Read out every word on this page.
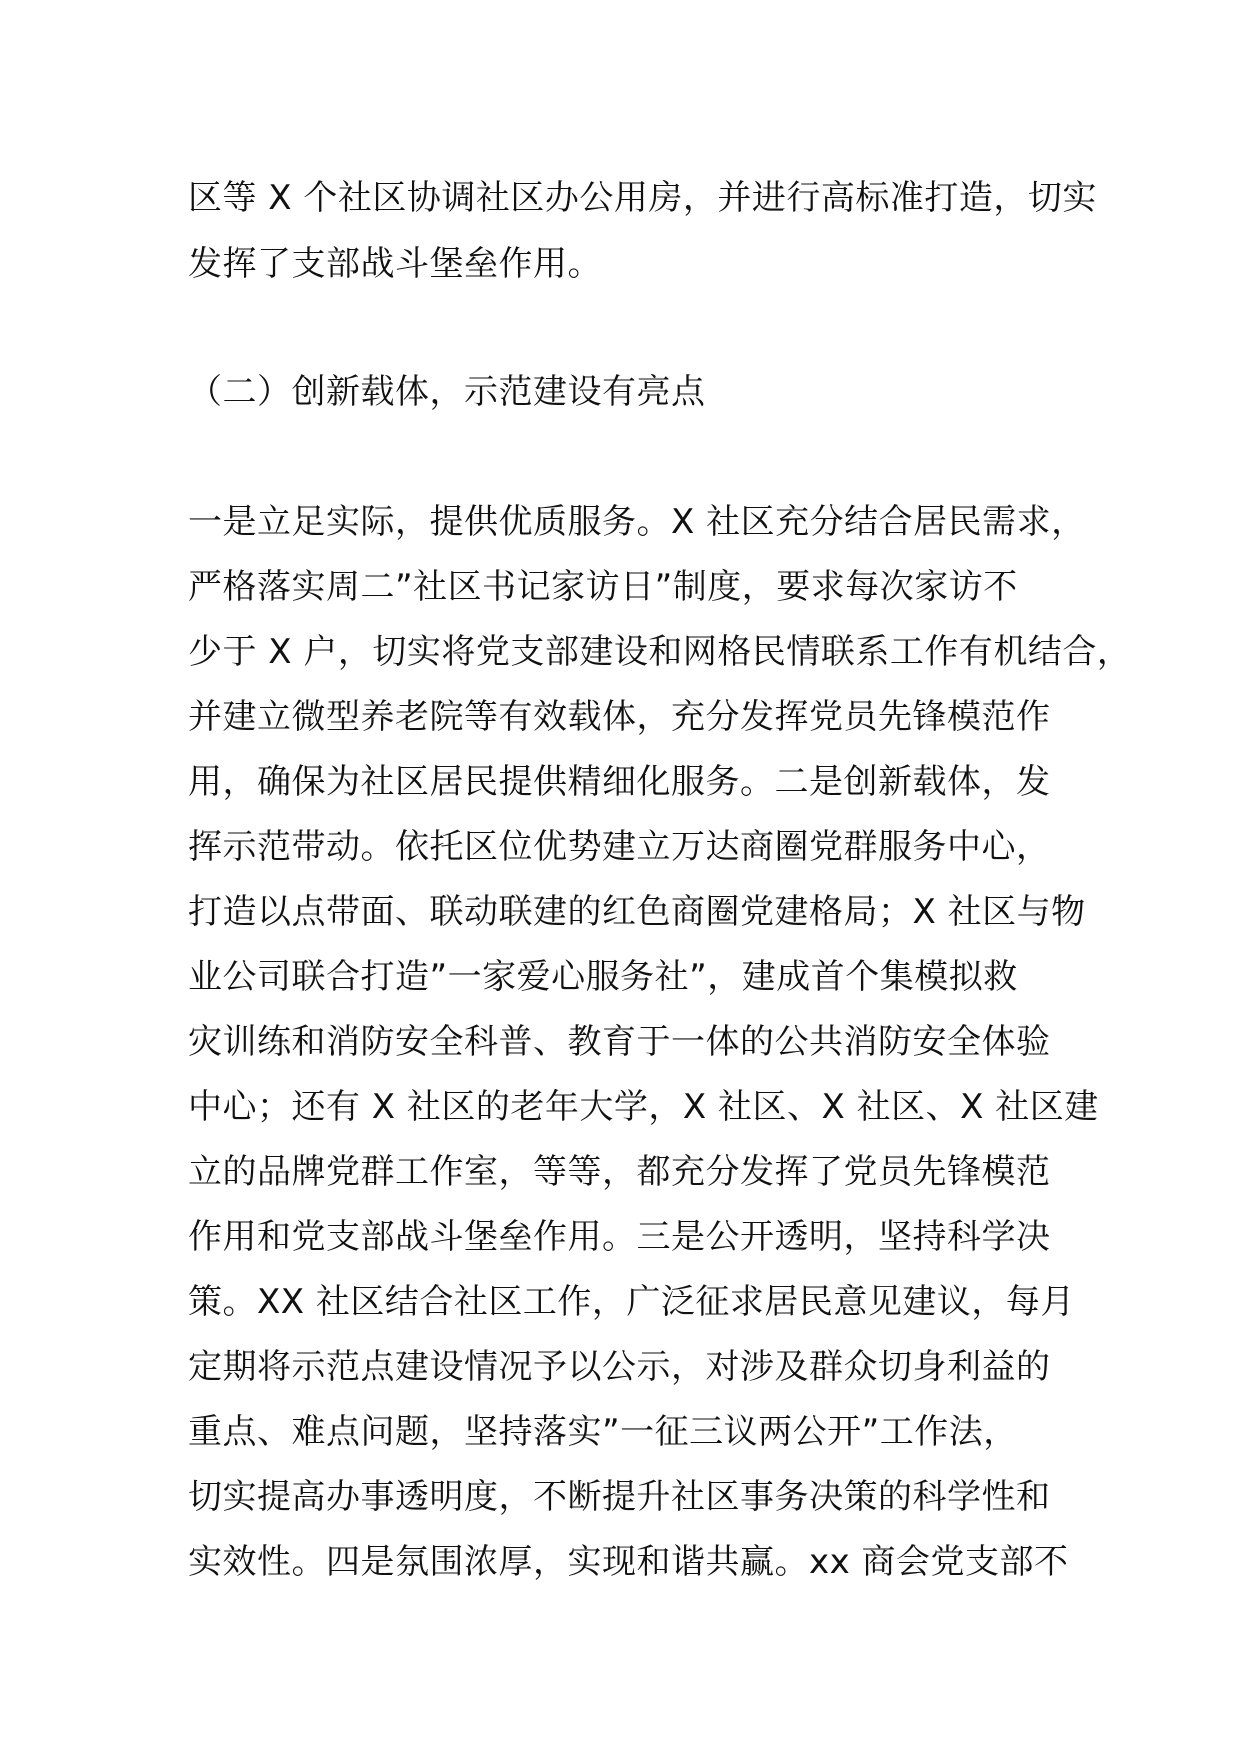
区等 X 个社区协调社区办公用房，并进行高标准打造，切实
发挥了支部战斗堡垒作用。
（二）创新载体，示范建设有亮点
一是立足实际，提供优质服务。X 社区充分结合居民需求，
严格落实周二”社区书记家访日”制度，要求每次家访不
少于 X 户，切实将党支部建设和网格民情联系工作有机结合，
并建立微型养老院等有效载体，充分发挥党员先锋模范作
用，确保为社区居民提供精细化服务。二是创新载体，发
挥示范带动。依托区位优势建立万达商圈党群服务中心，
打造以点带面、联动联建的红色商圈党建格局；X 社区与物
业公司联合打造”一家爱心服务社”，建成首个集模拟救
灾训练和消防安全科普、教育于一体的公共消防安全体验
中心；还有 X 社区的老年大学，X 社区、X 社区、X 社区建
立的品牌党群工作室，等等，都充分发挥了党员先锋模范
作用和党支部战斗堡垒作用。三是公开透明，坚持科学决
策。XX 社区结合社区工作，广泛征求居民意见建议，每月
定期将示范点建设情况予以公示，对涉及群众切身利益的
重点、难点问题，坚持落实”一征三议两公开”工作法，
切实提高办事透明度，不断提升社区事务决策的科学性和
实效性。四是氛围浓厚，实现和谐共赢。xx 商会党支部不
